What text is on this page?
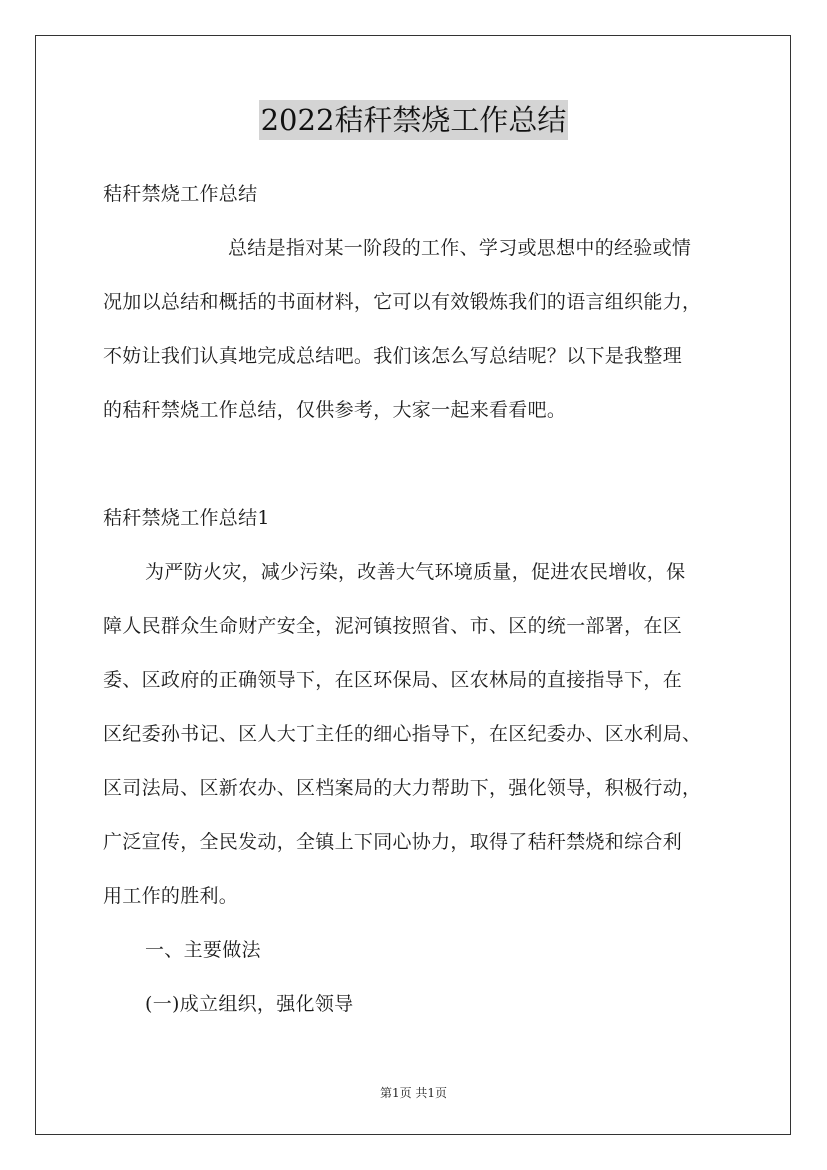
2022秸秆禁烧工作总结
秸秆禁烧工作总结
总结是指对某一阶段的工作、学习或思想中的经验或情
况加以总结和概括的书面材料，它可以有效锻炼我们的语言组织能力，
不妨让我们认真地完成总结吧。我们该怎么写总结呢？以下是我整理
的秸秆禁烧工作总结，仅供参考，大家一起来看看吧。
秸秆禁烧工作总结1
为严防火灾，减少污染，改善大气环境质量，促进农民增收，保
障人民群众生命财产安全，泥河镇按照省、市、区的统一部署，在区
委、区政府的正确领导下，在区环保局、区农林局的直接指导下，在
区纪委孙书记、区人大丁主任的细心指导下，在区纪委办、区水利局、
区司法局、区新农办、区档案局的大力帮助下，强化领导，积极行动，
广泛宣传，全民发动，全镇上下同心协力，取得了秸秆禁烧和综合利
用工作的胜利。
一、主要做法
(一)成立组织，强化领导
第1页 共1页
